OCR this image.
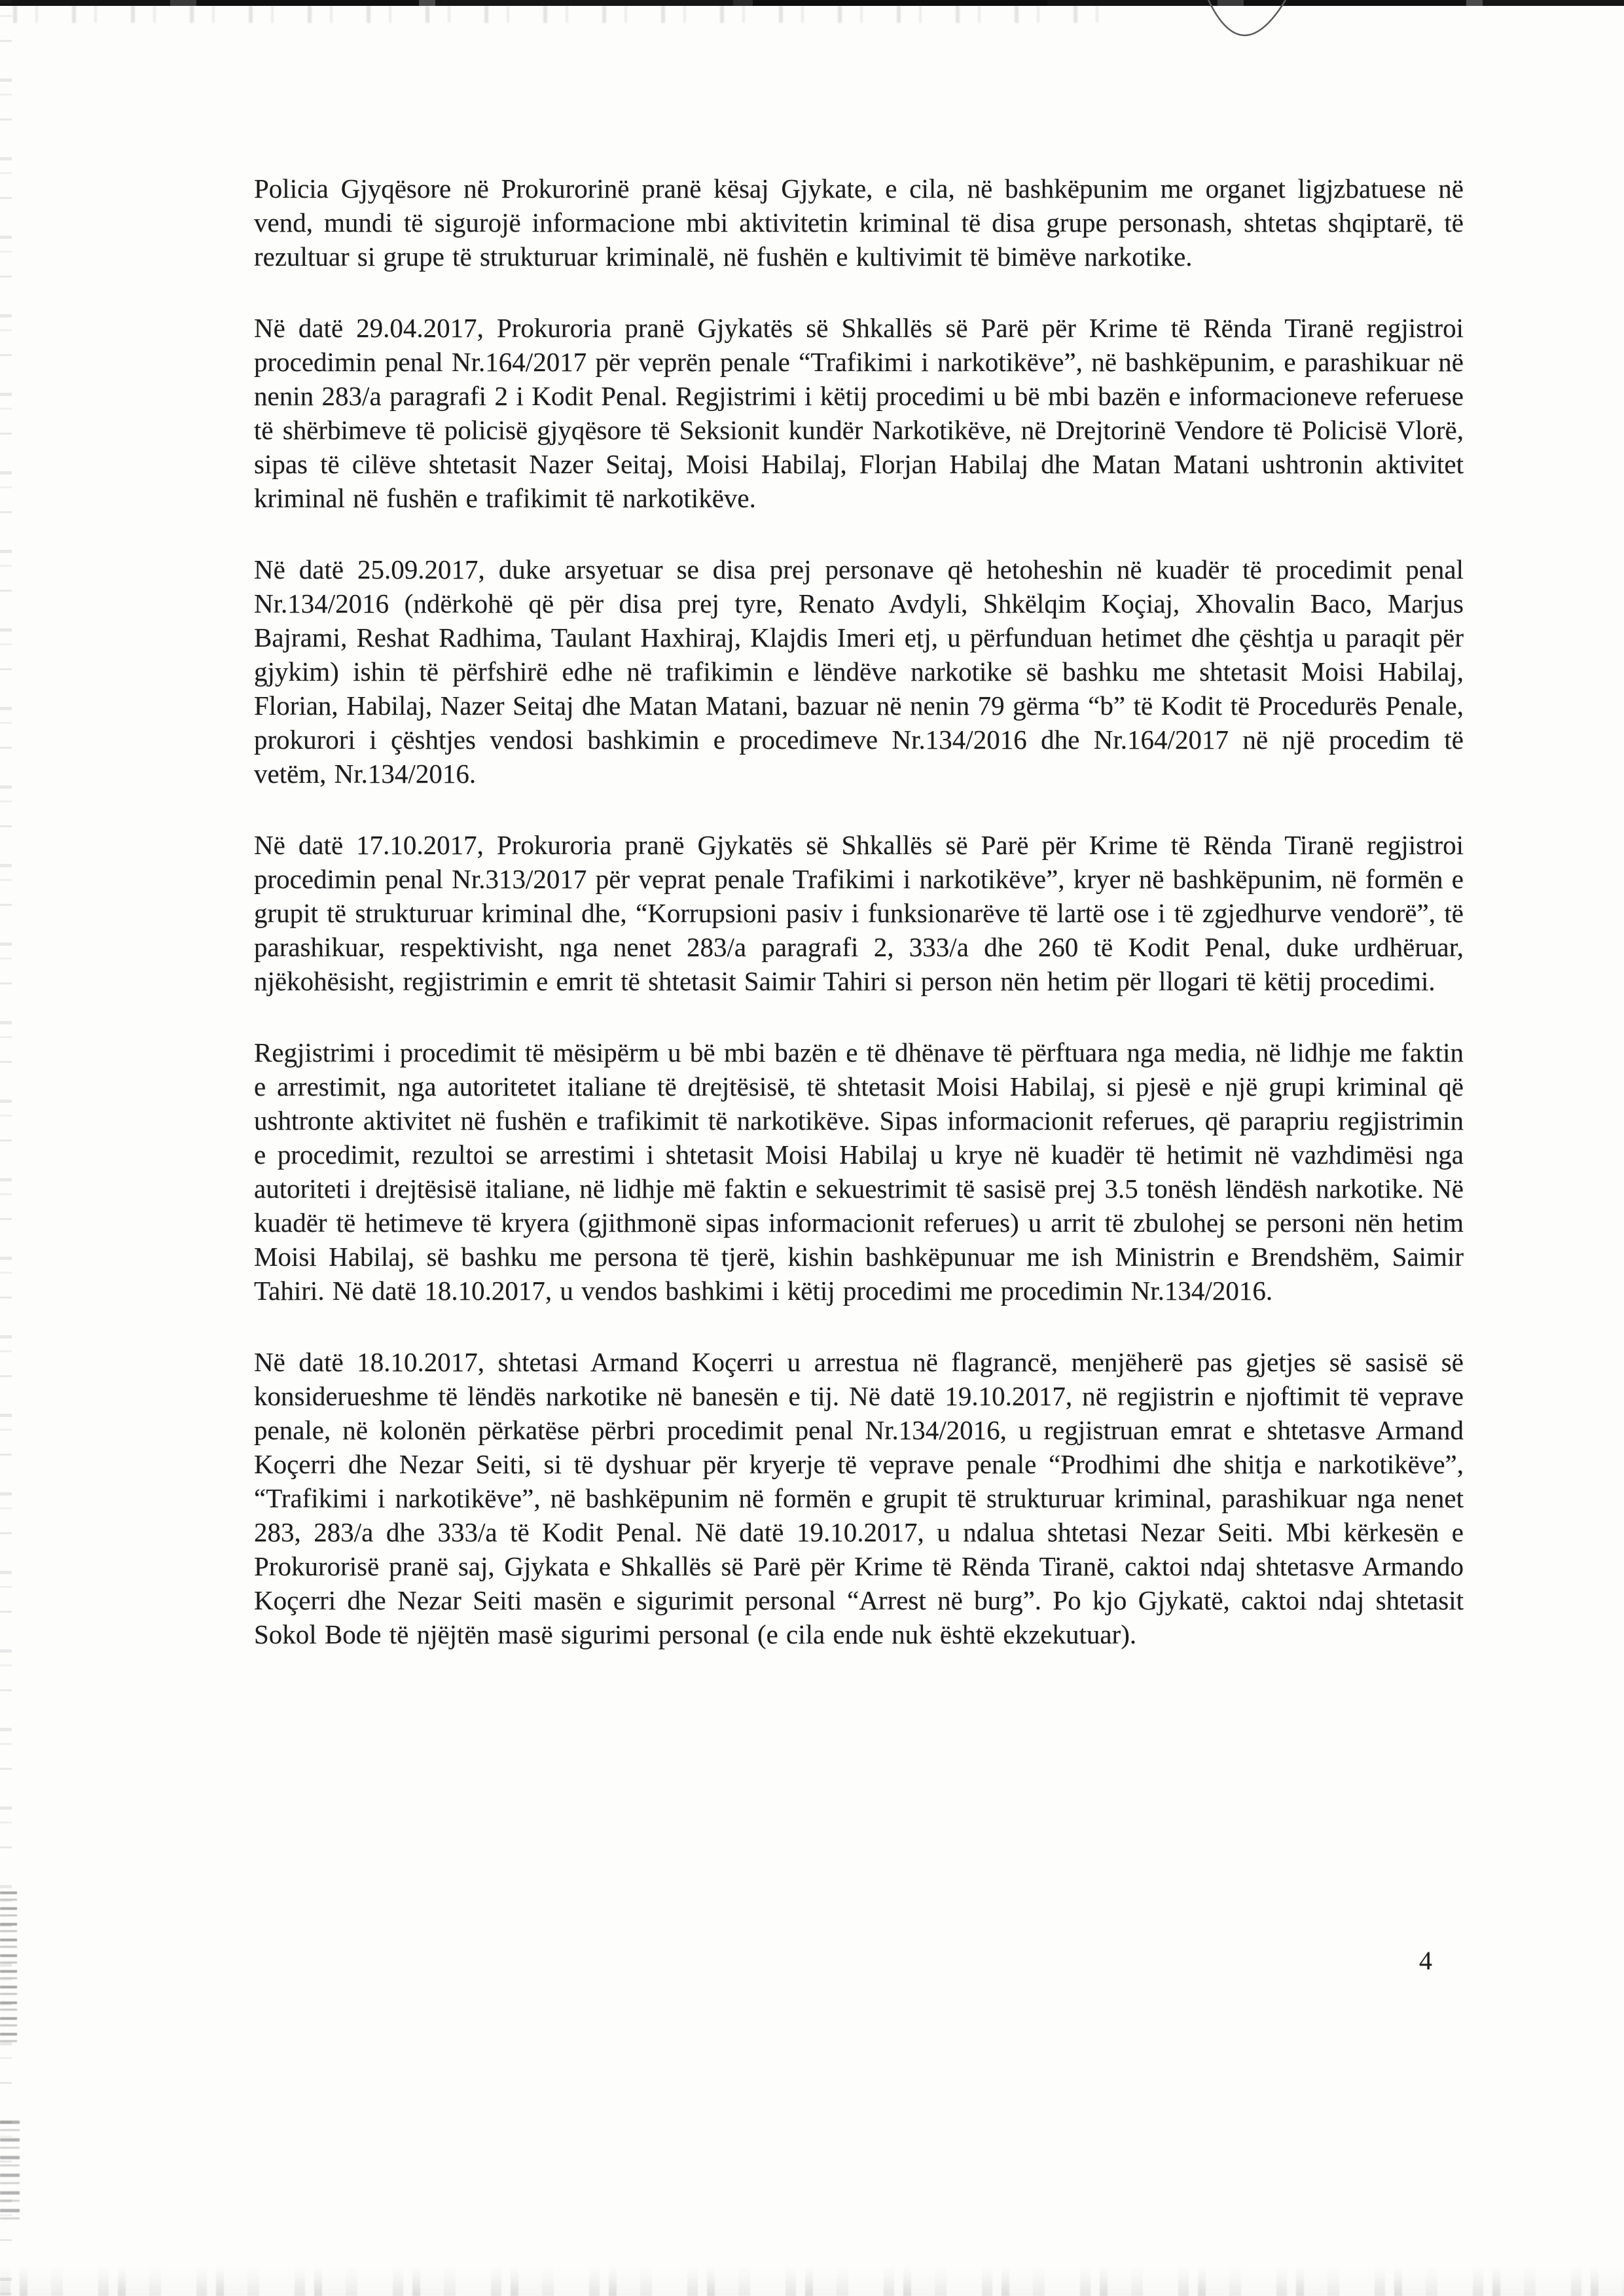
Policia Gjyqësore në Prokurorinë pranë kësaj Gjykate, e cila, në bashkëpunim me organet ligjzbatuese në vend, mundi të sigurojë informacione mbi aktivitetin kriminal të disa grupe personash, shtetas shqiptarë, të rezultuar si grupe të strukturuar kriminalë, në fushën e kultivimit të bimëve narkotike.

Në datë 29.04.2017, Prokuroria pranë Gjykatës së Shkallës së Parë për Krime të Rënda Tiranë regjistroi procedimin penal Nr.164/2017 për veprën penale “Trafikimi i narkotikëve”, në bashkëpunim, e parashikuar në nenin 283/a paragrafi 2 i Kodit Penal. Regjistrimi i këtij procedimi u bë mbi bazën e informacioneve referuese të shërbimeve të policisë gjyqësore të Seksionit kundër Narkotikëve, në Drejtorinë Vendore të Policisë Vlorë, sipas të cilëve shtetasit Nazer Seitaj, Moisi Habilaj, Florjan Habilaj dhe Matan Matani ushtronin aktivitet kriminal në fushën e trafikimit të narkotikëve.

Në datë 25.09.2017, duke arsyetuar se disa prej personave që hetoheshin në kuadër të procedimit penal Nr.134/2016 (ndërkohë që për disa prej tyre, Renato Avdyli, Shkëlqim Koçiaj, Xhovalin Baco, Marjus Bajrami, Reshat Radhima, Taulant Haxhiraj, Klajdis Imeri etj, u përfunduan hetimet dhe çështja u paraqit për gjykim) ishin të përfshirë edhe në trafikimin e lëndëve narkotike së bashku me shtetasit Moisi Habilaj, Florian, Habilaj, Nazer Seitaj dhe Matan Matani, bazuar në nenin 79 gërma “b” të Kodit të Procedurës Penale, prokurori i çështjes vendosi bashkimin e procedimeve Nr.134/2016 dhe Nr.164/2017 në një procedim të vetëm, Nr.134/2016.

Në datë 17.10.2017, Prokuroria pranë Gjykatës së Shkallës së Parë për Krime të Rënda Tiranë regjistroi procedimin penal Nr.313/2017 për veprat penale Trafikimi i narkotikëve”, kryer në bashkëpunim, në formën e grupit të strukturuar kriminal dhe, “Korrupsioni pasiv i funksionarëve të lartë ose i të zgjedhurve vendorë”, të parashikuar, respektivisht, nga nenet 283/a paragrafi 2, 333/a dhe 260 të Kodit Penal, duke urdhëruar, njëkohësisht, regjistrimin e emrit të shtetasit Saimir Tahiri si person nën hetim për llogari të këtij procedimi.

Regjistrimi i procedimit të mësipërm u bë mbi bazën e të dhënave të përftuara nga media, në lidhje me faktin e arrestimit, nga autoritetet italiane të drejtësisë, të shtetasit Moisi Habilaj, si pjesë e një grupi kriminal që ushtronte aktivitet në fushën e trafikimit të narkotikëve. Sipas informacionit referues, që parapriu regjistrimin e procedimit, rezultoi se arrestimi i shtetasit Moisi Habilaj u krye në kuadër të hetimit në vazhdimësi nga autoriteti i drejtësisë italiane, në lidhje më faktin e sekuestrimit të sasisë prej 3.5 tonësh lëndësh narkotike. Në kuadër të hetimeve të kryera (gjithmonë sipas informacionit referues) u arrit të zbulohej se personi nën hetim Moisi Habilaj, së bashku me persona të tjerë, kishin bashkëpunuar me ish Ministrin e Brendshëm, Saimir Tahiri. Në datë 18.10.2017, u vendos bashkimi i këtij procedimi me procedimin Nr.134/2016.

Në datë 18.10.2017, shtetasi Armand Koçerri u arrestua në flagrancë, menjëherë pas gjetjes së sasisë së konsiderueshme të lëndës narkotike në banesën e tij. Në datë 19.10.2017, në regjistrin e njoftimit të veprave penale, në kolonën përkatëse përbri procedimit penal Nr.134/2016, u regjistruan emrat e shtetasve Armand Koçerri dhe Nezar Seiti, si të dyshuar për kryerje të veprave penale “Prodhimi dhe shitja e narkotikëve”, “Trafikimi i narkotikëve”, në bashkëpunim në formën e grupit të strukturuar kriminal, parashikuar nga nenet 283, 283/a dhe 333/a të Kodit Penal. Në datë 19.10.2017, u ndalua shtetasi Nezar Seiti. Mbi kërkesën e Prokurorisë pranë saj, Gjykata e Shkallës së Parë për Krime të Rënda Tiranë, caktoi ndaj shtetasve Armando Koçerri dhe Nezar Seiti masën e sigurimit personal “Arrest në burg”. Po kjo Gjykatë, caktoi ndaj shtetasit Sokol Bode të njëjtën masë sigurimi personal (e cila ende nuk është ekzekutuar).

4
